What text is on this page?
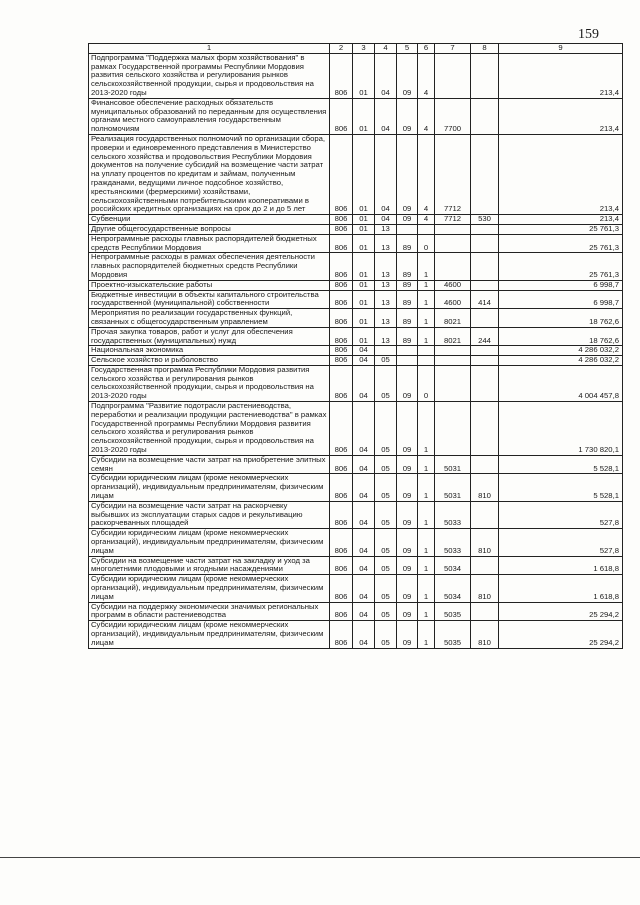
159
1	2	3	4	5	6	7	8	9
Подпрограмма "Поддержка малых форм хозяйствования" в рамках Государственной программы Республики Мордовия развития сельского хозяйства и регулирования рынков сельскохозяйственной продукции, сырья и продовольствия на 2013-2020 годы	806	01	04	09	4			213,4
Финансовое обеспечение расходных обязательств муниципальных образований по переданным для осуществления органам местного самоуправления государственным полномочиям	806	01	04	09	4	7700		213,4
Реализация государственных полномочий по организации сбора, проверки и единовременного представления в Министерство сельского хозяйства и продовольствия Республики Мордовия документов на получение субсидий на возмещение части затрат на уплату процентов по кредитам и займам, полученным гражданами, ведущими личное подсобное хозяйство, крестьянскими (фермерскими) хозяйствами, сельскохозяйственными потребительскими кооперативами в российских кредитных организациях на срок до 2 и до 5 лет	806	01	04	09	4	7712		213,4
Субвенции	806	01	04	09	4	7712	530	213,4
Другие общегосударственные вопросы	806	01	13					25 761,3
Непрограммные расходы главных распорядителей бюджетных средств Республики Мордовия	806	01	13	89	0			25 761,3
Непрограммные расходы в рамках обеспечения деятельности главных распорядителей бюджетных средств Республики Мордовия	806	01	13	89	1			25 761,3
Проектно-изыскательские работы	806	01	13	89	1	4600		6 998,7
Бюджетные инвестиции в объекты капитального строительства государственной (муниципальной) собственности	806	01	13	89	1	4600	414	6 998,7
Мероприятия по реализации государственных функций, связанных с общегосударственным управлением	806	01	13	89	1	8021		18 762,6
Прочая закупка товаров, работ и услуг для обеспечения государственных (муниципальных) нужд	806	01	13	89	1	8021	244	18 762,6
Национальная экономика	806	04						4 286 032,2
Сельское хозяйство и рыболовство	806	04	05					4 286 032,2
Государственная программа Республики Мордовия развития сельского хозяйства и регулирования рынков сельскохозяйственной продукции, сырья и продовольствия на 2013-2020 годы	806	04	05	09	0			4 004 457,8
Подпрограмма "Развитие подотрасли растениеводства, переработки и реализации продукции растениеводства" в рамках Государственной программы Республики Мордовия развития сельского хозяйства и регулирования рынков сельскохозяйственной продукции, сырья и продовольствия на 2013-2020 годы	806	04	05	09	1			1 730 820,1
Субсидии на возмещение части затрат на приобретение элитных семян	806	04	05	09	1	5031		5 528,1
Субсидии юридическим лицам (кроме некоммерческих организаций), индивидуальным предпринимателям, физическим лицам	806	04	05	09	1	5031	810	5 528,1
Субсидии на возмещение части затрат на раскорчевку выбывших из эксплуатации старых садов и рекультивацию раскорчеванных площадей	806	04	05	09	1	5033		527,8
Субсидии юридическим лицам (кроме некоммерческих организаций), индивидуальным предпринимателям, физическим лицам	806	04	05	09	1	5033	810	527,8
Субсидии на возмещение части затрат на закладку и уход за многолетними плодовыми и ягодными насаждениями	806	04	05	09	1	5034		1 618,8
Субсидии юридическим лицам (кроме некоммерческих организаций), индивидуальным предпринимателям, физическим лицам	806	04	05	09	1	5034	810	1 618,8
Субсидии на поддержку экономически значимых региональных программ в области растениеводства	806	04	05	09	1	5035		25 294,2
Субсидии юридическим лицам (кроме некоммерческих организаций), индивидуальным предпринимателям, физическим лицам	806	04	05	09	1	5035	810	25 294,2
